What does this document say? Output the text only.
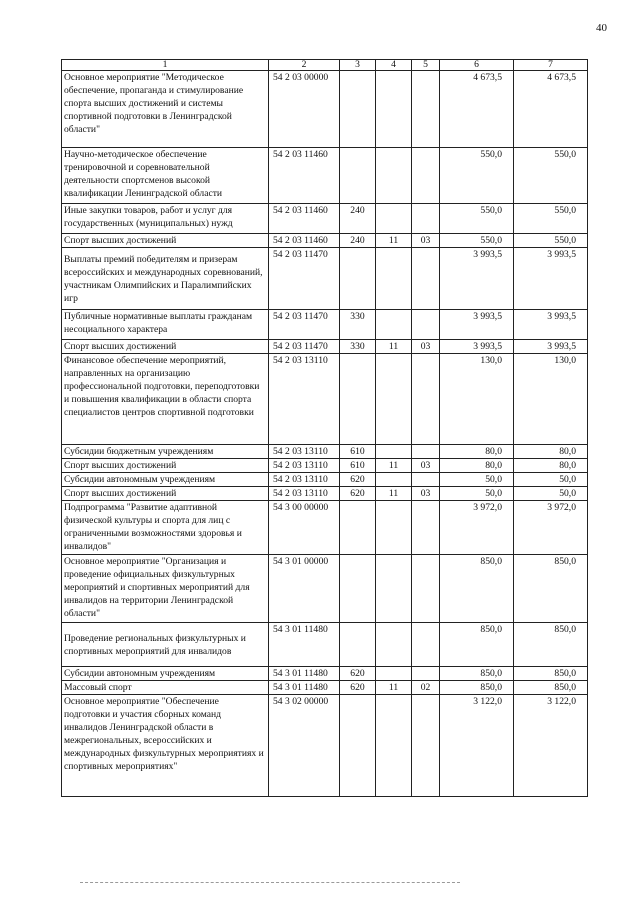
40
1	2	3	4	5	6	7
Основное мероприятие "Методическое обеспечение, пропаганда и стимулирование спорта высших достижений и системы спортивной подготовки в Ленинградской области"	54 2 03 00000				4 673,5	4 673,5
Научно-методическое обеспечение тренировочной и соревновательной деятельности спортсменов высокой квалификации Ленинградской области	54 2 03 11460				550,0	550,0
Иные закупки товаров, работ и услуг для государственных (муниципальных) нужд	54 2 03 11460	240			550,0	550,0
Спорт высших достижений	54 2 03 11460	240	11	03	550,0	550,0
Выплаты премий победителям и призерам всероссийских и международных соревнований, участникам Олимпийских и Паралимпийских игр	54 2 03 11470				3 993,5	3 993,5
Публичные нормативные выплаты гражданам несоциального характера	54 2 03 11470	330			3 993,5	3 993,5
Спорт высших достижений	54 2 03 11470	330	11	03	3 993,5	3 993,5
Финансовое обеспечение мероприятий, направленных на организацию профессиональной подготовки, переподготовки и повышения квалификации в области спорта специалистов центров спортивной подготовки	54 2 03 13110				130,0	130,0
Субсидии бюджетным учреждениям	54 2 03 13110	610			80,0	80,0
Спорт высших достижений	54 2 03 13110	610	11	03	80,0	80,0
Субсидии автономным учреждениям	54 2 03 13110	620			50,0	50,0
Спорт высших достижений	54 2 03 13110	620	11	03	50,0	50,0
Подпрограмма "Развитие адаптивной физической культуры и спорта для лиц с ограниченными возможностями здоровья и инвалидов"	54 3 00 00000				3 972,0	3 972,0
Основное мероприятие "Организация и проведение официальных физкультурных мероприятий и спортивных мероприятий для инвалидов на территории Ленинградской области"	54 3 01 00000				850,0	850,0
Проведение региональных физкультурных и спортивных мероприятий для инвалидов	54 3 01 11480				850,0	850,0
Субсидии автономным учреждениям	54 3 01 11480	620			850,0	850,0
Массовый спорт	54 3 01 11480	620	11	02	850,0	850,0
Основное мероприятие "Обеспечение подготовки и участия сборных команд инвалидов Ленинградской области в межрегиональных, всероссийских и международных физкультурных мероприятиях и спортивных мероприятиях"	54 3 02 00000				3 122,0	3 122,0
